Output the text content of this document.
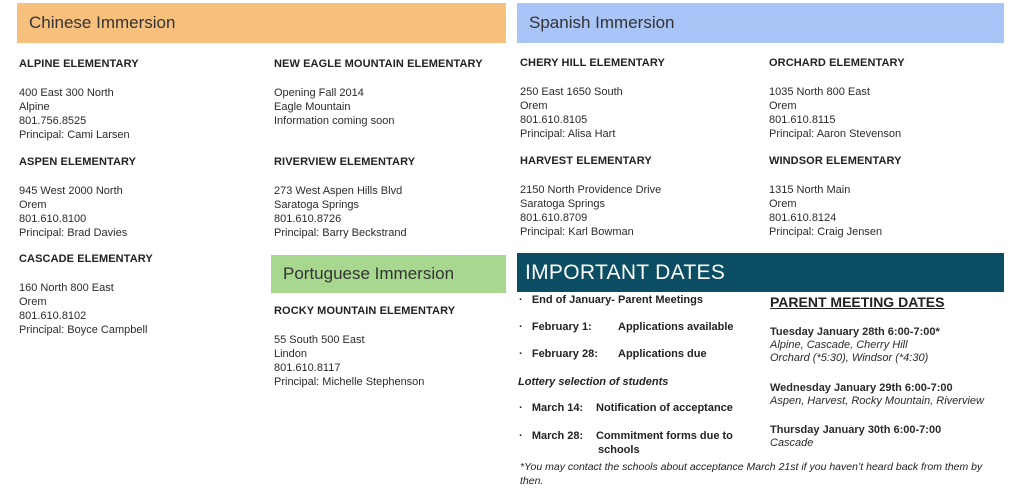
Chinese Immersion	Spanish Immersion
Portuguese Immersion
ALPINE ELEMENTARY
400 East 300 North
Alpine
801.756.8525
Principal: Cami Larsen
ASPEN ELEMENTARY
945 West 2000 North
Orem
801.610.8100
Principal: Brad Davies
CASCADE ELEMENTARY
160 North 800 East
Orem
801.610.8102
Principal: Boyce Campbell
NEW EAGLE MOUNTAIN ELEMENTARY
Opening Fall 2014
Eagle Mountain
Information coming soon
RIVERVIEW ELEMENTARY
273 West Aspen Hills Blvd
Saratoga Springs
801.610.8726
Principal: Barry Beckstrand
ROCKY MOUNTAIN ELEMENTARY
55 South 500 East
Lindon
801.610.8117
Principal: Michelle Stephenson
CHERY HILL ELEMENTARY
250 East 1650 South
Orem
801.610.8105
Principal: Alisa Hart
HARVEST ELEMENTARY
2150 North Providence Drive
Saratoga Springs
801.610.8709
Principal: Karl Bowman
ORCHARD ELEMENTARY
1035 North 800 East
Orem
801.610.8115
Principal: Aaron Stevenson
WINDSOR ELEMENTARY
1315 North Main
Orem
801.610.8124
Principal: Craig Jensen
IMPORTANT DATES
· End of January- Parent Meetings
· February 1: Applications available
· February 28: Applications due
Lottery selection of students
· March 14: Notification of acceptance
· March 28: Commitment forms due to
schools
*You may contact the schools about acceptance March 21st if you haven’t heard back from them by then.
PARENT MEETING DATES
Tuesday January 28th 6:00-7:00*
Alpine, Cascade, Cherry Hill
Orchard (*5:30), Windsor (*4:30)
Wednesday January 29th 6:00-7:00
Aspen, Harvest, Rocky Mountain, Riverview
Thursday January 30th 6:00-7:00
Cascade
